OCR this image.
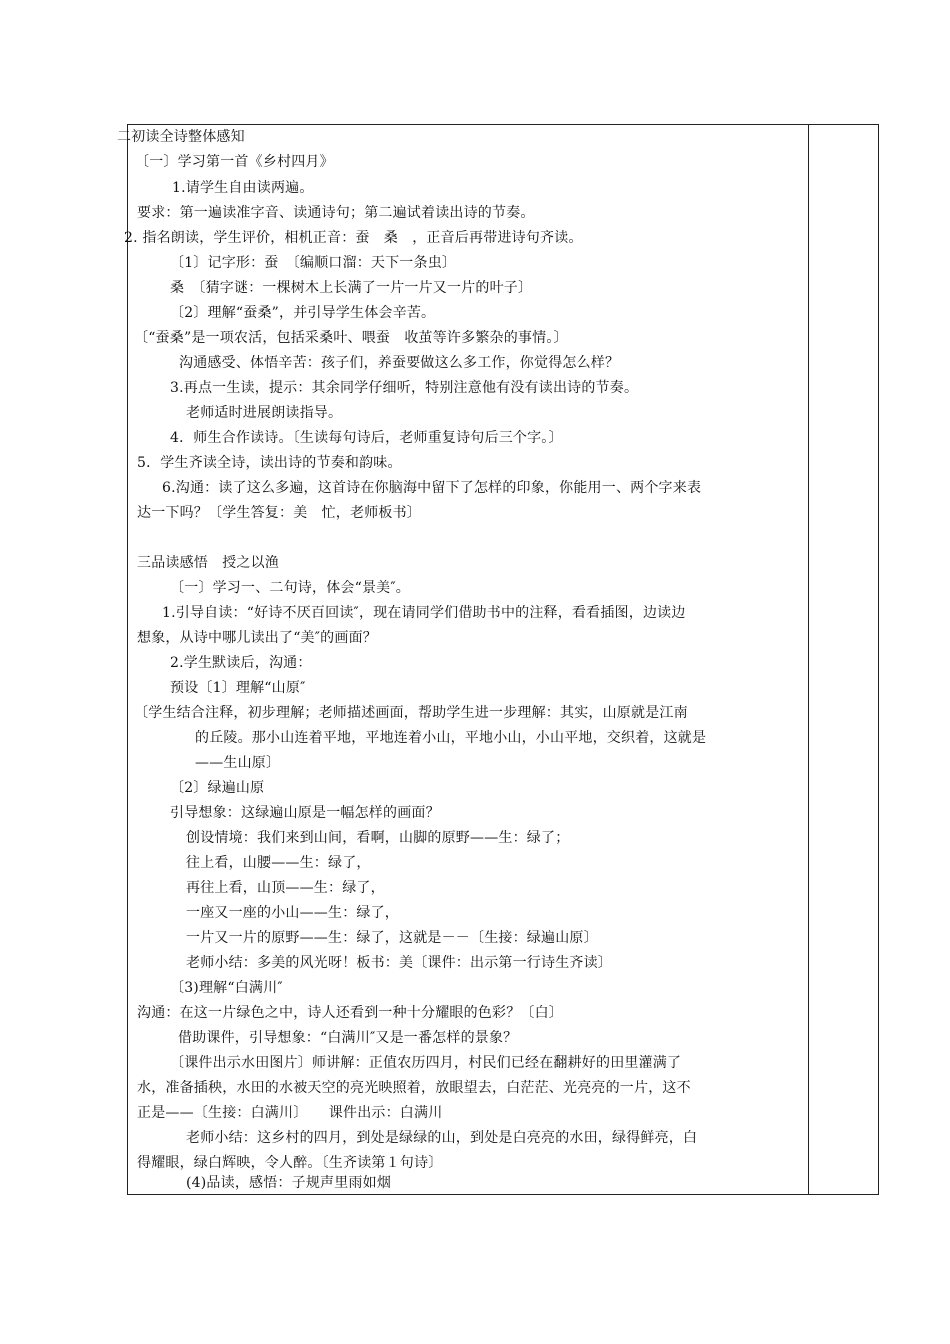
二初读全诗整体感知
〔一〕学习第一首《乡村四月》
1.请学生自由读两遍。
要求：第一遍读准字音、读通诗句；第二遍试着读出诗的节奏。
2. 指名朗读，学生评价，相机正音：蚕　桑　，正音后再带进诗句齐读。
〔1〕记字形：蚕　〔编顺口溜：天下一条虫〕
桑　〔猜字谜：一棵树木上长满了一片一片又一片的叶子〕
〔2〕理解“蚕桑”，并引导学生体会辛苦。
〔“蚕桑”是一项农活，包括采桑叶、喂蚕　收茧等许多繁杂的事情。〕
沟通感受、体悟辛苦：孩子们，养蚕要做这么多工作，你觉得怎么样？
3.再点一生读，提示：其余同学仔细听，特别注意他有没有读出诗的节奏。
老师适时进展朗读指导。
4．师生合作读诗。〔生读每句诗后，老师重复诗句后三个字。〕
5．学生齐读全诗，读出诗的节奏和韵味。
6.沟通：读了这么多遍，这首诗在你脑海中留下了怎样的印象，你能用一、两个字来表
达一下吗？〔学生答复：美　忙，老师板书〕
三品读感悟　授之以渔
〔一〕学习一、二句诗，体会“景美″。
1.引导自读：“好诗不厌百回读″，现在请同学们借助书中的注释，看看插图，边读边
想象，从诗中哪儿读出了“美″的画面？
2.学生默读后，沟通：
预设〔1〕理解“山原″
〔学生结合注释，初步理解；老师描述画面，帮助学生进一步理解：其实，山原就是江南
的丘陵。那小山连着平地，平地连着小山，平地小山，小山平地，交织着，这就是
——生山原〕
〔2〕绿遍山原
引导想象：这绿遍山原是一幅怎样的画面？
创设情境：我们来到山间，看啊，山脚的原野——生：绿了；
往上看，山腰——生：绿了，
再往上看，山顶——生：绿了，
一座又一座的小山——生：绿了，
一片又一片的原野——生：绿了，这就是－－〔生接：绿遍山原〕
老师小结：多美的风光呀！板书：美〔课件：出示第一行诗生齐读〕
〔3)理解“白满川″
沟通：在这一片绿色之中，诗人还看到一种十分耀眼的色彩？〔白〕
借助课件，引导想象：“白满川″又是一番怎样的景象？
〔课件出示水田图片〕师讲解：正值农历四月，村民们已经在翻耕好的田里灌满了
水，准备插秧，水田的水被天空的亮光映照着，放眼望去，白茫茫、光亮亮的一片，这不
正是——〔生接：白满川〕　　课件出示：白满川
老师小结：这乡村的四月，到处是绿绿的山，到处是白亮亮的水田，绿得鲜亮，白
得耀眼，绿白辉映，令人醉。〔生齐读第１句诗〕
(4)品读，感悟：子规声里雨如烟
